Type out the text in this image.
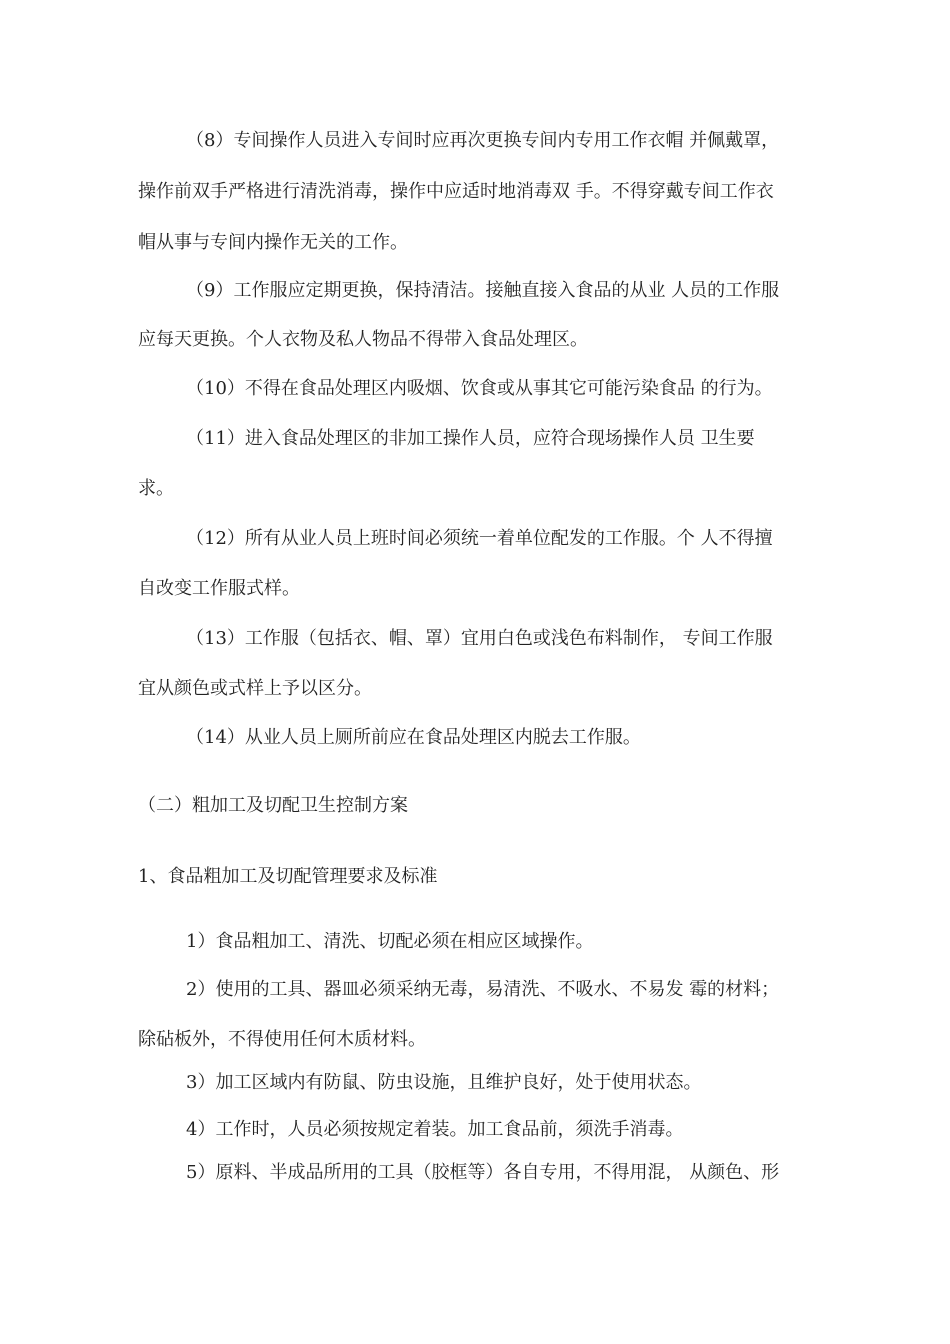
（8）专间操作人员进入专间时应再次更换专间内专用工作衣帽 并佩戴罩，
操作前双手严格进行清洗消毒，操作中应适时地消毒双 手。不得穿戴专间工作衣
帽从事与专间内操作无关的工作。
（9）工作服应定期更换，保持清洁。接触直接入食品的从业 人员的工作服
应每天更换。个人衣物及私人物品不得带入食品处理区。
（10）不得在食品处理区内吸烟、饮食或从事其它可能污染食品 的行为。
（11）进入食品处理区的非加工操作人员，应符合现场操作人员 卫生要
求。
（12）所有从业人员上班时间必须统一着单位配发的工作服。个 人不得擅
自改变工作服式样。
（13）工作服（包括衣、帽、罩）宜用白色或浅色布料制作， 专间工作服
宜从颜色或式样上予以区分。
（14）从业人员上厕所前应在食品处理区内脱去工作服。
（二）粗加工及切配卫生控制方案
1、食品粗加工及切配管理要求及标准
1）食品粗加工、清洗、切配必须在相应区域操作。
2）使用的工具、器皿必须采纳无毒，易清洗、不吸水、不易发 霉的材料；
除砧板外，不得使用任何木质材料。
3）加工区域内有防鼠、防虫设施，且维护良好，处于使用状态。
4）工作时，人员必须按规定着装。加工食品前，须洗手消毒。
5）原料、半成品所用的工具（胶框等）各自专用，不得用混， 从颜色、形
